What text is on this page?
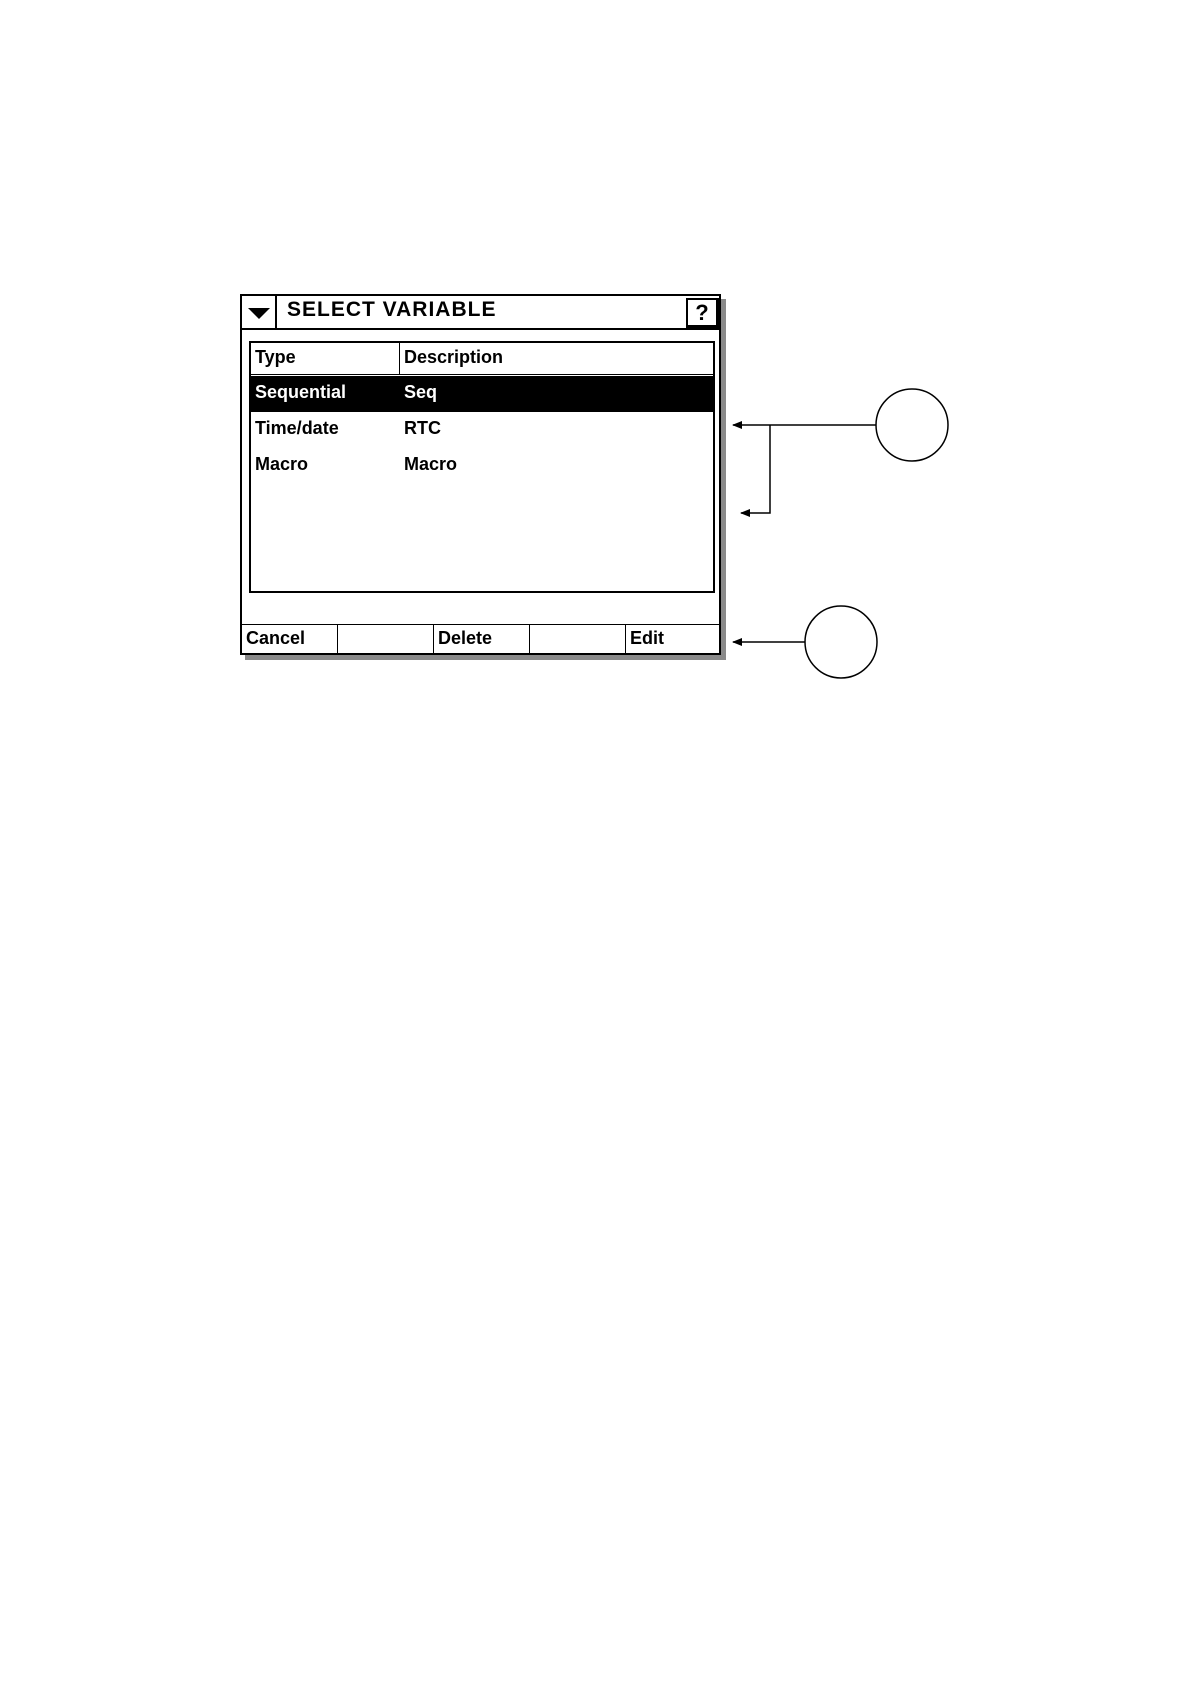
SELECT VARIABLE	?
Type	Description
Sequential	Seq
Time/date	RTC
Macro	Macro
Cancel	Delete	Edit
